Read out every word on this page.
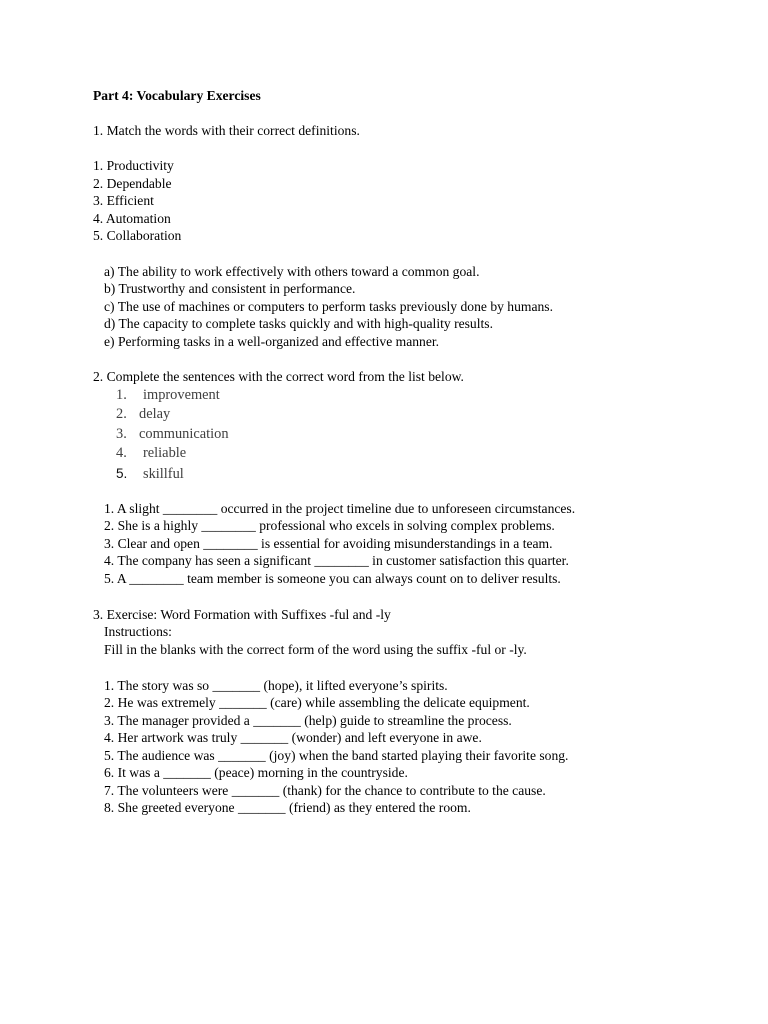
Part 4: Vocabulary Exercises
1. Match the words with their correct definitions.
1. Productivity
2. Dependable
3. Efficient
4. Automation
5. Collaboration
a) The ability to work effectively with others toward a common goal.
b) Trustworthy and consistent in performance.
c) The use of machines or computers to perform tasks previously done by humans.
d) The capacity to complete tasks quickly and with high-quality results.
e) Performing tasks in a well-organized and effective manner.
2. Complete the sentences with the correct word from the list below.
1. improvement
2. delay
3. communication
4. reliable
5. skillful
1. A slight ________ occurred in the project timeline due to unforeseen circumstances.
2. She is a highly ________ professional who excels in solving complex problems.
3. Clear and open ________ is essential for avoiding misunderstandings in a team.
4. The company has seen a significant ________ in customer satisfaction this quarter.
5. A ________ team member is someone you can always count on to deliver results.
3. Exercise: Word Formation with Suffixes -ful and -ly
Instructions:
Fill in the blanks with the correct form of the word using the suffix -ful or -ly.
1. The story was so _______ (hope), it lifted everyone’s spirits.
2. He was extremely _______ (care) while assembling the delicate equipment.
3. The manager provided a _______ (help) guide to streamline the process.
4. Her artwork was truly _______ (wonder) and left everyone in awe.
5. The audience was _______ (joy) when the band started playing their favorite song.
6. It was a _______ (peace) morning in the countryside.
7. The volunteers were _______ (thank) for the chance to contribute to the cause.
8. She greeted everyone _______ (friend) as they entered the room.
